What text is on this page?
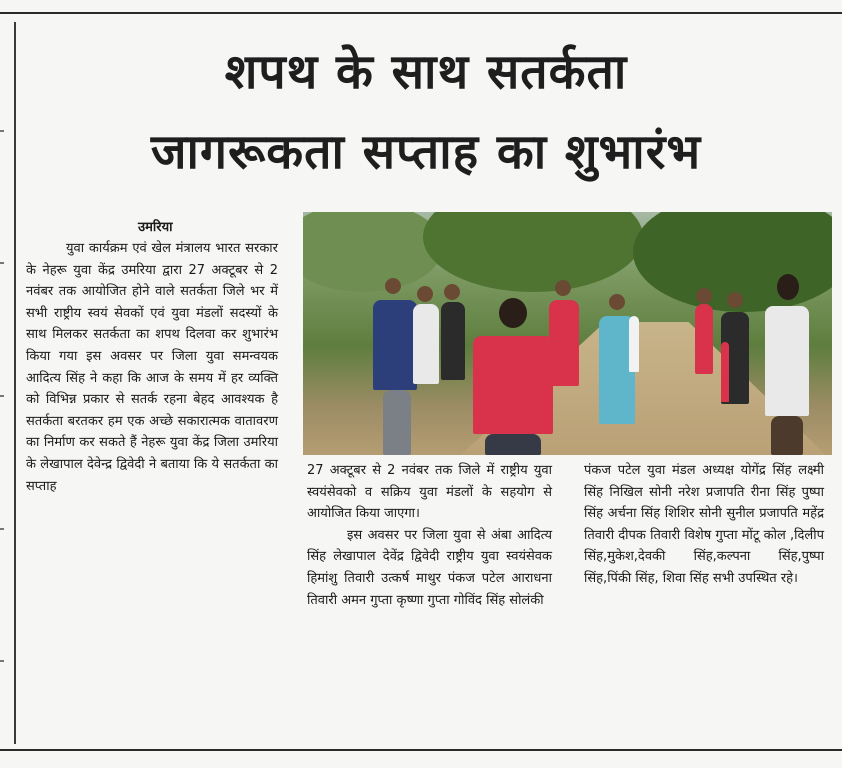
शपथ के साथ सतर्कता
जागरूकता सप्ताह का शुभारंभ
उमरिया

युवा कार्यक्रम एवं खेल मंत्रालय भारत सरकार के नेहरू युवा केंद्र उमरिया द्वारा 27 अक्टूबर से 2 नवंबर तक आयोजित होने वाले सतर्कता जिले भर में सभी राष्ट्रीय स्वयं सेवकों एवं युवा मंडलों सदस्यों के साथ मिलकर सतर्कता का शपथ दिलवा कर शुभारंभ किया गया इस अवसर पर जिला युवा समन्वयक आदित्य सिंह ने कहा कि आज के समय में हर व्यक्ति को विभिन्न प्रकार से सतर्क रहना बेहद आवश्यक है सतर्कता बरतकर हम एक अच्छे सकारात्मक वातावरण का निर्माण कर सकते हैं नेहरू युवा केंद्र जिला उमरिया के लेखापाल देवेन्द्र द्विवेदी ने बताया कि ये सतर्कता का सप्ताह

27 अक्टूबर से 2 नवंबर तक जिले में राष्ट्रीय युवा स्वयंसेवको व सक्रिय युवा मंडलों के सहयोग से आयोजित किया जाएगा।

इस अवसर पर जिला युवा से अंबा आदित्य सिंह लेखापाल देवेंद्र द्विवेदी राष्ट्रीय युवा स्वयंसेवक हिमांशु तिवारी उत्कर्ष माथुर पंकज पटेल आराधना तिवारी अमन गुप्ता कृष्णा गुप्ता गोविंद सिंह सोलंकी

पंकज पटेल युवा मंडल अध्यक्ष योगेंद्र सिंह लक्ष्मी सिंह निखिल सोनी नरेश प्रजापति रीना सिंह पुष्पा सिंह अर्चना सिंह शिशिर सोनी सुनील प्रजापति महेंद्र तिवारी दीपक तिवारी विशेष गुप्ता मोंटू कोल ,दिलीप सिंह,मुकेश,देवकी सिंह,कल्पना सिंह,पुष्पा सिंह,पिंकी सिंह, शिवा सिंह सभी उपस्थित रहे।
